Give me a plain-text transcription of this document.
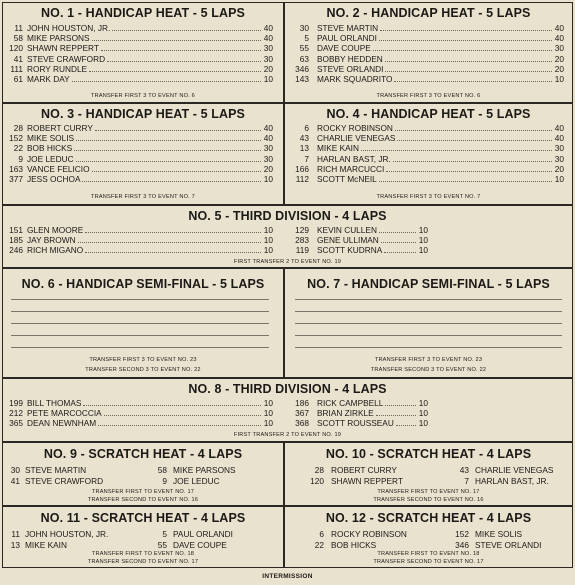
NO. 1 - HANDICAP HEAT - 5 LAPS
11 JOHN HOUSTON, JR.	40
58 MIKE PARSONS	40
120 SHAWN REPPERT	30
41 STEVE CRAWFORD	30
111 RORY RUNDLE	20
61 MARK DAY	10
TRANSFER FIRST 3 TO EVENT NO. 6
NO. 2 - HANDICAP HEAT - 5 LAPS
30 STEVE MARTIN	40
5 PAUL ORLANDI	40
55 DAVE COUPE	30
63 BOBBY HEDDEN	20
346 STEVE ORLANDI	20
143 MARK SQUADRITO	10
TRANSFER FIRST 3 TO EVENT NO. 6
NO. 3 - HANDICAP HEAT - 5 LAPS
28 ROBERT CURRY	40
152 MIKE SOLIS	40
22 BOB HICKS	30
9 JOE LEDUC	30
163 VANCE FELICIO	20
377 JESS OCHOA	10
TRANSFER FIRST 3 TO EVENT NO. 7
NO. 4 - HANDICAP HEAT - 5 LAPS
6 ROCKY ROBINSON	40
43 CHARLIE VENEGAS	40
13 MIKE KAIN	30
7 HARLAN BAST, JR.	30
166 RICH MARCUCCI	20
112 SCOTT McNEIL	10
TRANSFER FIRST 3 TO EVENT NO. 7
NO. 5 - THIRD DIVISION - 4 LAPS
151 GLEN MOORE	10
185 JAY BROWN	10
246 RICH MIGANO	10
129 KEVIN CULLEN	10
283 GENE ULLIMAN	10
119 SCOTT KUDRNA	10
FIRST TRANSFER 2 TO EVENT NO. 19
NO. 6 - HANDICAP SEMI-FINAL - 5 LAPS
TRANSFER FIRST 3 TO EVENT NO. 23
TRANSFER SECOND 3 TO EVENT NO. 22
NO. 7 - HANDICAP SEMI-FINAL - 5 LAPS
TRANSFER FIRST 3 TO EVENT NO. 23
TRANSFER SECOND 3 TO EVENT NO. 22
NO. 8 - THIRD DIVISION - 4 LAPS
199 BILL THOMAS	10
212 PETE MARCOCCIA	10
365 DEAN NEWNHAM	10
186 RICK CAMPBELL	10
367 BRIAN ZIRKLE	10
368 SCOTT ROUSSEAU	10
FIRST TRANSFER 2 TO EVENT NO. 19
NO. 9 - SCRATCH HEAT - 4 LAPS
30 STEVE MARTIN	58 MIKE PARSONS
41 STEVE CRAWFORD	9 JOE LEDUC
TRANSFER FIRST TO EVENT NO. 17
TRANSFER SECOND TO EVENT NO. 16
NO. 10 - SCRATCH HEAT - 4 LAPS
28 ROBERT CURRY	43 CHARLIE VENEGAS
120 SHAWN REPPERT	7 HARLAN BAST, JR.
TRANSFER FIRST TO EVENT NO. 17
TRANSFER SECOND TO EVENT NO. 16
NO. 11 - SCRATCH HEAT - 4 LAPS
11 JOHN HOUSTON, JR.	5 PAUL ORLANDI
13 MIKE KAIN	55 DAVE COUPE
TRANSFER FIRST TO EVENT NO. 18
TRANSFER SECOND TO EVENT NO. 17
NO. 12 - SCRATCH HEAT - 4 LAPS
6 ROCKY ROBINSON	152 MIKE SOLIS
22 BOB HICKS	346 STEVE ORLANDI
TRANSFER FIRST TO EVENT NO. 18
TRANSFER SECOND TO EVENT NO. 17
INTERMISSION
